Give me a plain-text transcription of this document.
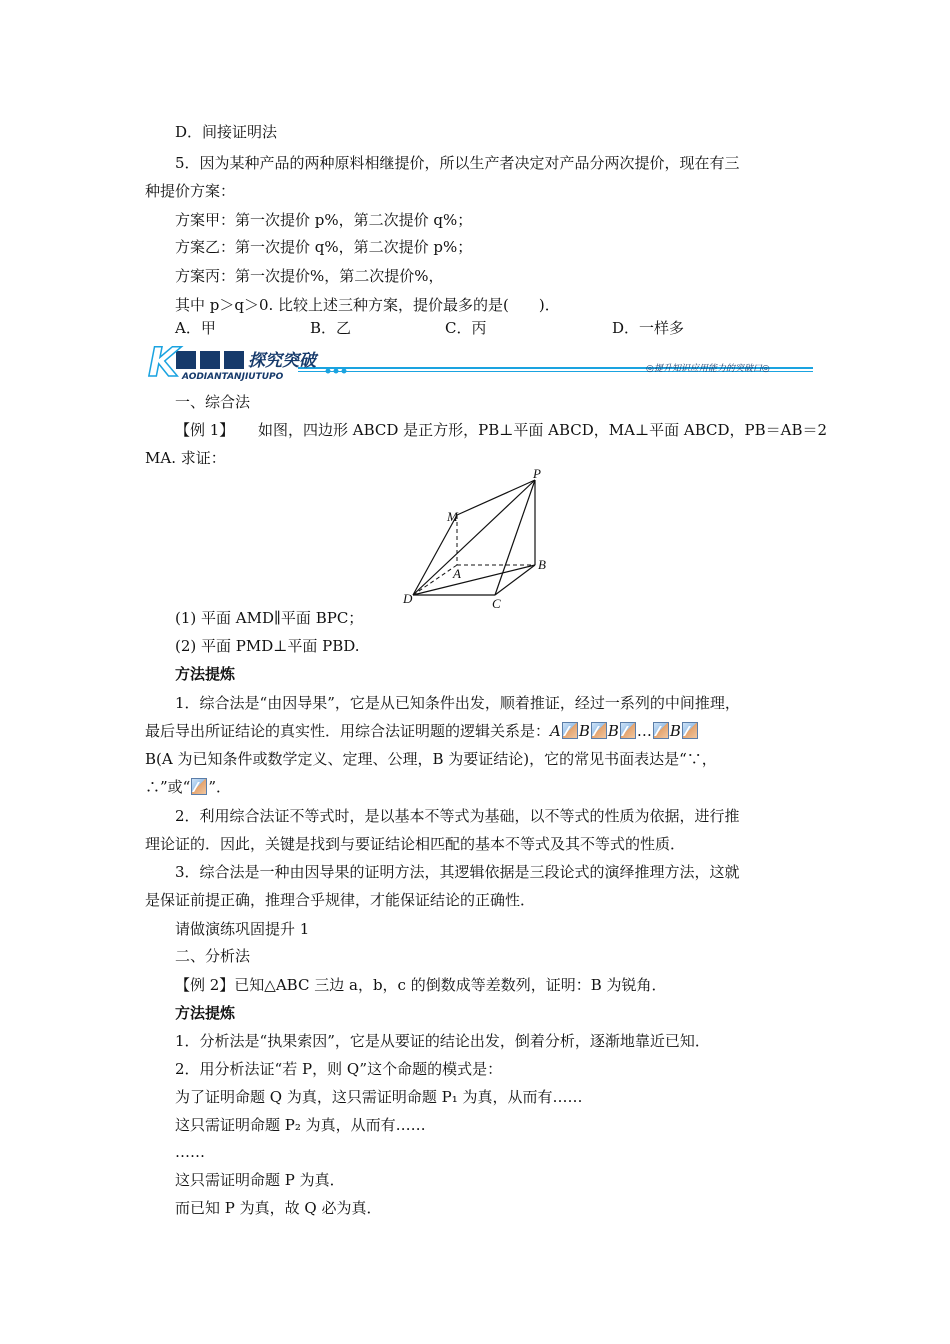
D．间接证明法
5．因为某种产品的两种原料相继提价，所以生产者决定对产品分两次提价，现在有三
种提价方案：
方案甲：第一次提价 p%，第二次提价 q%；
方案乙：第一次提价 q%，第二次提价 p%；
方案丙：第一次提价%，第二次提价%，
其中 p＞q＞0. 比较上述三种方案，提价最多的是(　　)．
A．甲	B．乙	C．丙	D．一样多
K	探究突破
AODIANTANJIUTUPO
◎提升知识应用能力的突破口◎
一、综合法
【例 1】 如图，四边形 ABCD 是正方形，PB⊥平面 ABCD，MA⊥平面 ABCD，PB＝AB＝2
MA. 求证：
P
M
A
B
C
D
(1) 平面 AMD∥平面 BPC；
(2) 平面 PMD⊥平面 PBD.
方法提炼
1．综合法是“由因导果”，它是从已知条件出发，顺着推证，经过一系列的中间推理，
最后导出所证结论的真实性．用综合法证明题的逻辑关系是：A B B … B
B(A 为已知条件或数学定义、定理、公理，B 为要证结论)，它的常见书面表达是“∵，
∴”或“ ”．
2．利用综合法证不等式时，是以基本不等式为基础，以不等式的性质为依据，进行推
理论证的．因此，关键是找到与要证结论相匹配的基本不等式及其不等式的性质．
3．综合法是一种由因导果的证明方法，其逻辑依据是三段论式的演绎推理方法，这就
是保证前提正确，推理合乎规律，才能保证结论的正确性．
请做演练巩固提升 1
二、分析法
【例 2】已知△ABC 三边 a，b，c 的倒数成等差数列，证明：B 为锐角．
方法提炼
1．分析法是“执果索因”，它是从要证的结论出发，倒着分析，逐渐地靠近已知．
2．用分析法证“若 P，则 Q”这个命题的模式是：
为了证明命题 Q 为真，这只需证明命题 P₁ 为真，从而有……
这只需证明命题 P₂ 为真，从而有……
……
这只需证明命题 P 为真．
而已知 P 为真，故 Q 必为真．
